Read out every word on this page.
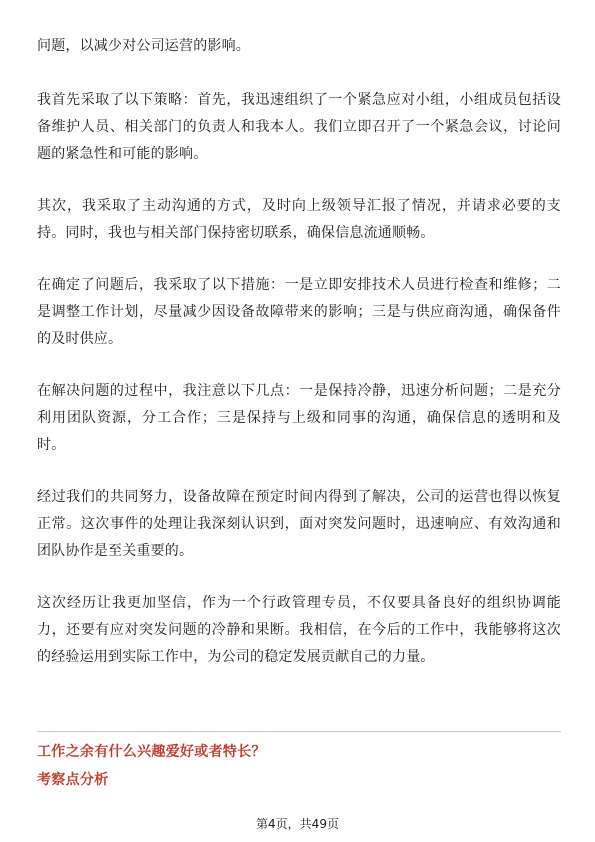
问题，以减少对公司运营的影响。

我首先采取了以下策略：首先，我迅速组织了一个紧急应对小组，小组成员包括设备维护人员、相关部门的负责人和我本人。我们立即召开了一个紧急会议，讨论问题的紧急性和可能的影响。

其次，我采取了主动沟通的方式，及时向上级领导汇报了情况，并请求必要的支持。同时，我也与相关部门保持密切联系，确保信息流通顺畅。

在确定了问题后，我采取了以下措施：一是立即安排技术人员进行检查和维修；二是调整工作计划，尽量减少因设备故障带来的影响；三是与供应商沟通，确保备件的及时供应。

在解决问题的过程中，我注意以下几点：一是保持冷静，迅速分析问题；二是充分利用团队资源，分工合作；三是保持与上级和同事的沟通，确保信息的透明和及时。

经过我们的共同努力，设备故障在预定时间内得到了解决，公司的运营也得以恢复正常。这次事件的处理让我深刻认识到，面对突发问题时，迅速响应、有效沟通和团队协作是至关重要的。

这次经历让我更加坚信，作为一个行政管理专员，不仅要具备良好的组织协调能力，还要有应对突发问题的冷静和果断。我相信，在今后的工作中，我能够将这次的经验运用到实际工作中，为公司的稳定发展贡献自己的力量。

工作之余有什么兴趣爱好或者特长？
考察点分析
第4页，共49页
